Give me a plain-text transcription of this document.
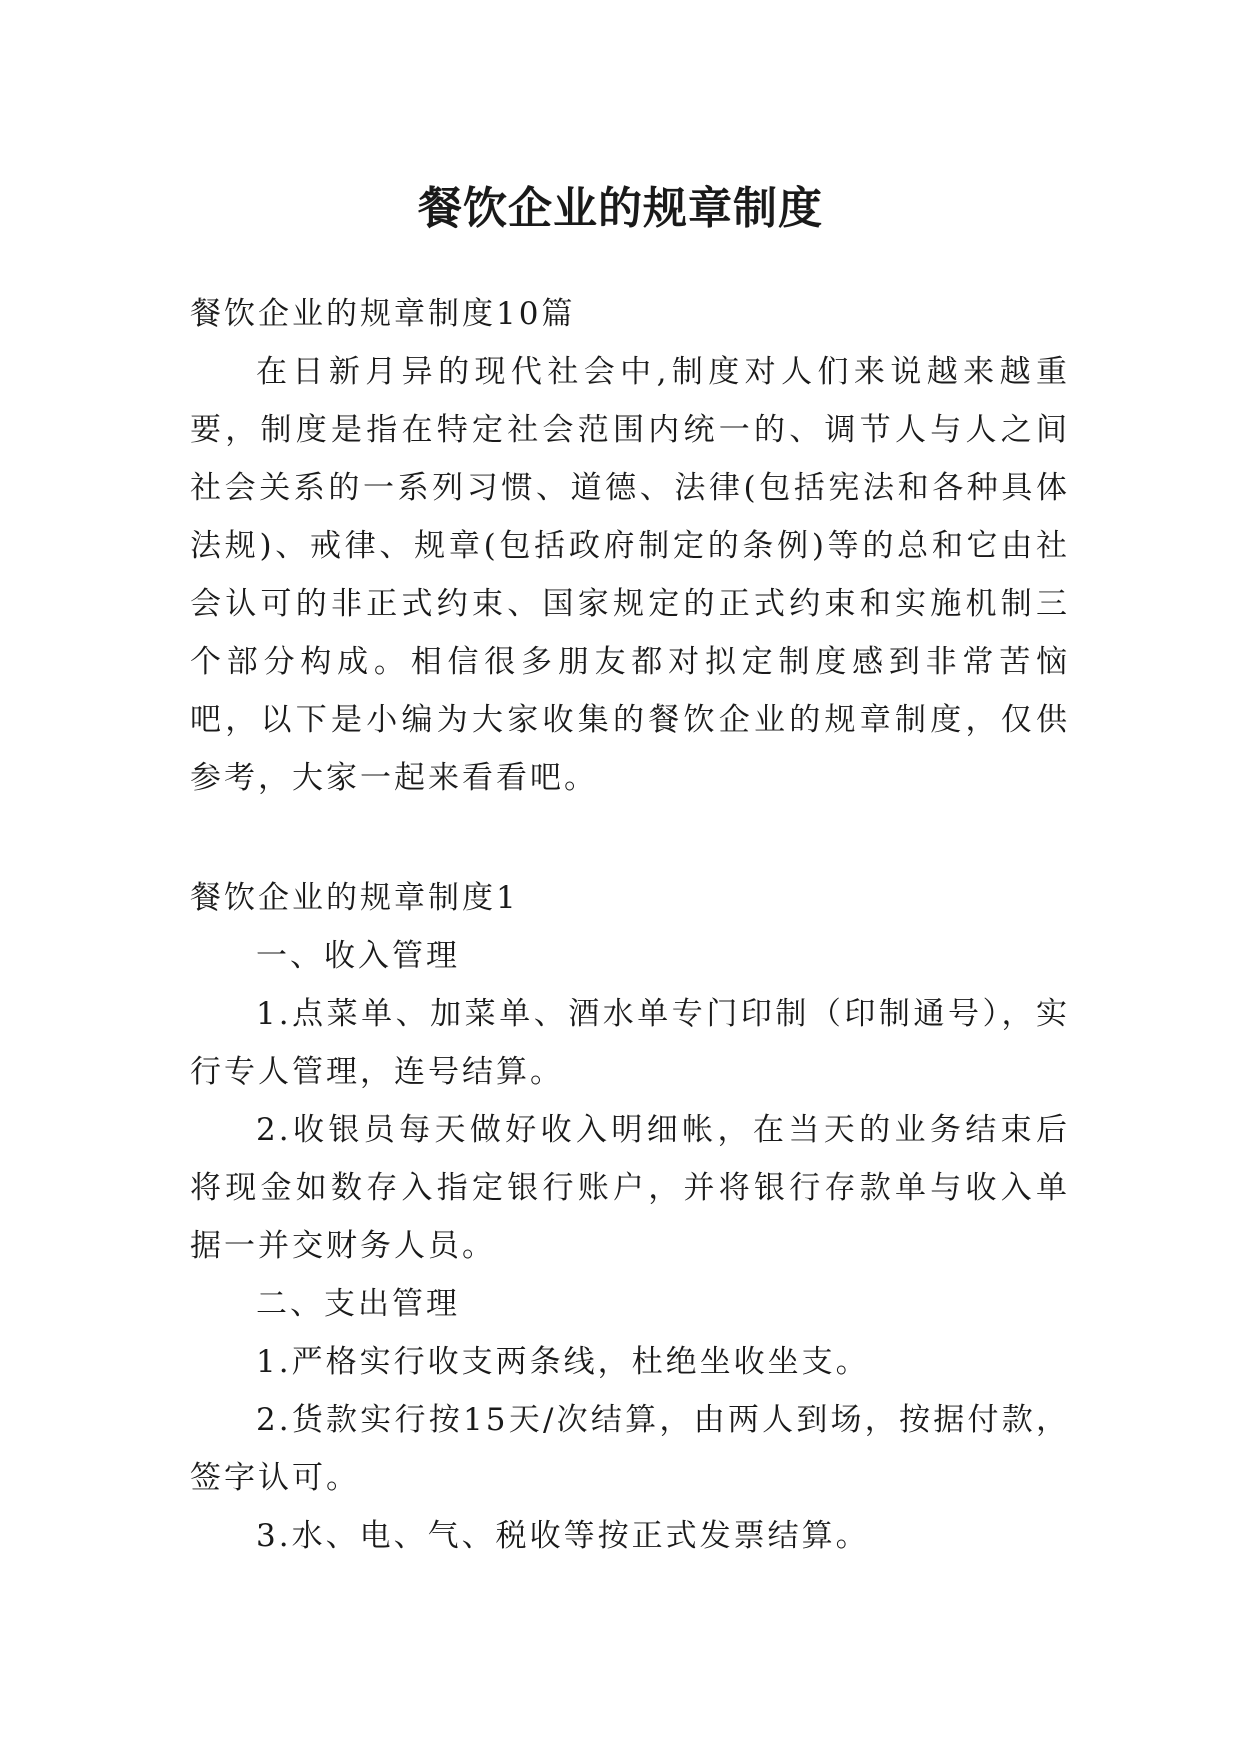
餐饮企业的规章制度

餐饮企业的规章制度10篇

在日新月异的现代社会中,制度对人们来说越来越重要，制度是指在特定社会范围内统一的、调节人与人之间社会关系的一系列习惯、道德、法律(包括宪法和各种具体法规)、戒律、规章(包括政府制定的条例)等的总和它由社会认可的非正式约束、国家规定的正式约束和实施机制三个部分构成。相信很多朋友都对拟定制度感到非常苦恼吧，以下是小编为大家收集的餐饮企业的规章制度，仅供参考，大家一起来看看吧。

餐饮企业的规章制度1

一、收入管理

1.点菜单、加菜单、酒水单专门印制（印制通号），实行专人管理，连号结算。

2.收银员每天做好收入明细帐，在当天的业务结束后将现金如数存入指定银行账户，并将银行存款单与收入单据一并交财务人员。

二、支出管理

1.严格实行收支两条线，杜绝坐收坐支。

2.货款实行按15天/次结算，由两人到场，按据付款，签字认可。

3.水、电、气、税收等按正式发票结算。
